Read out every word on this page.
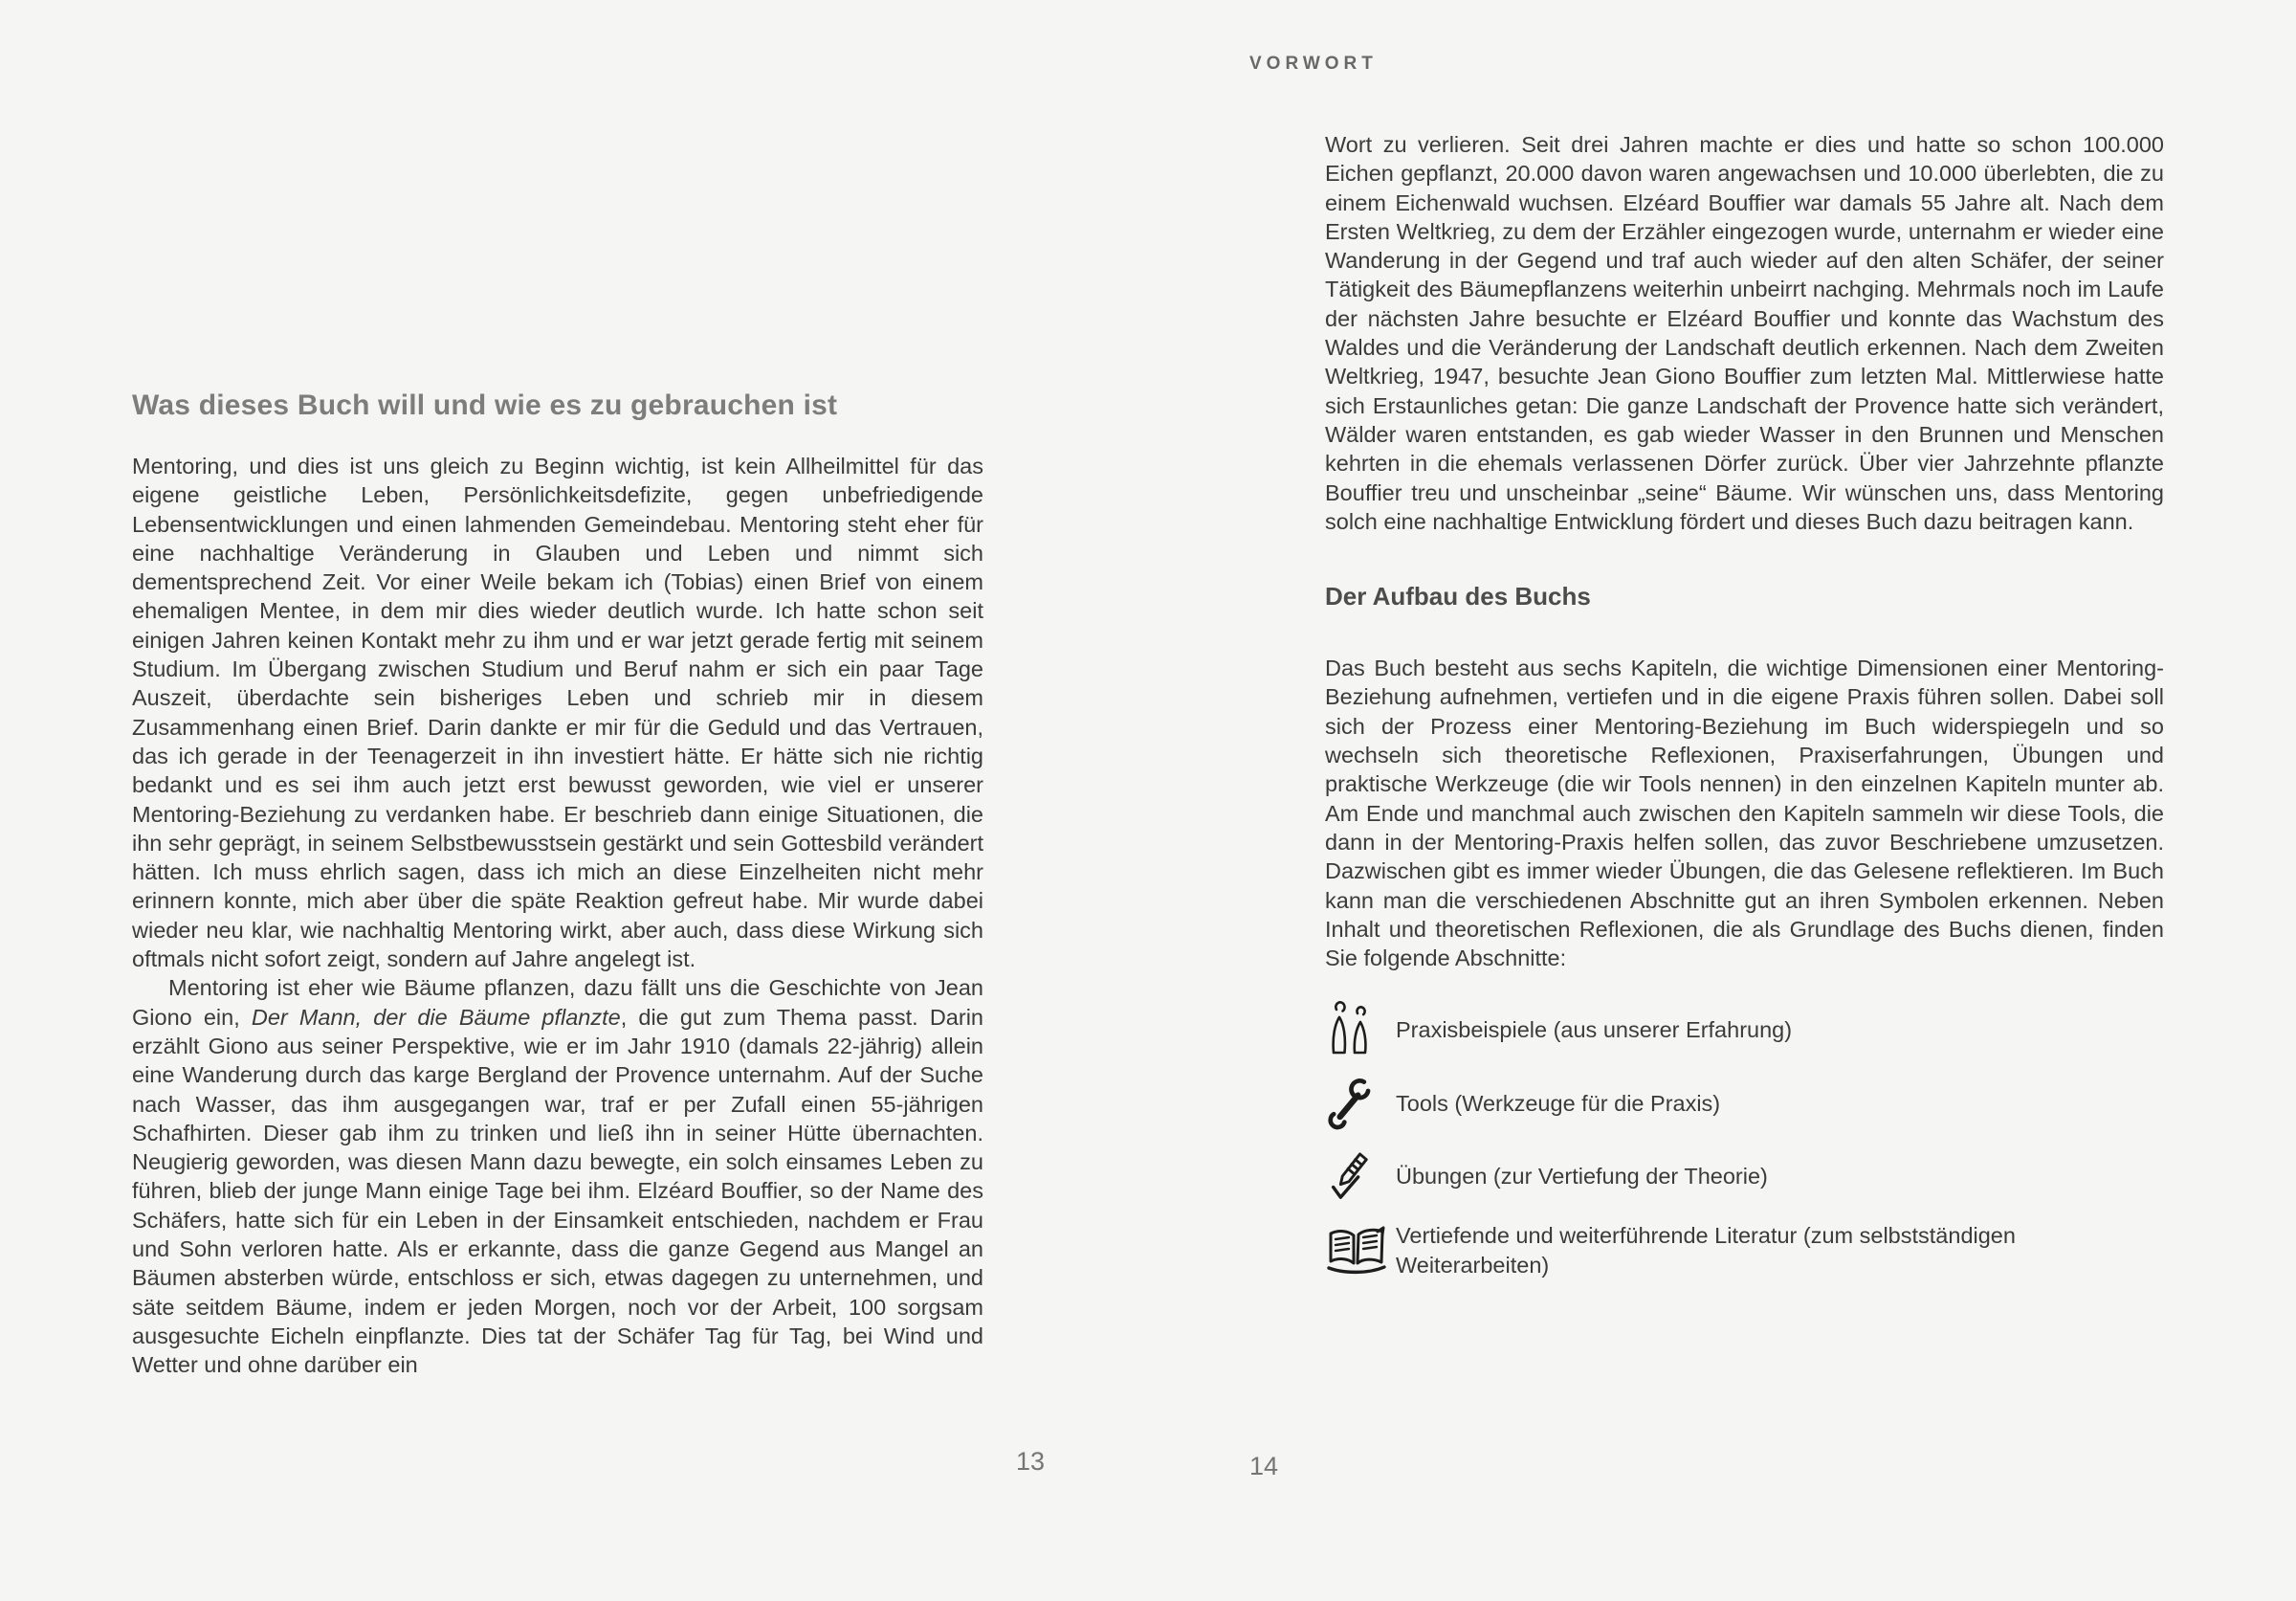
Was dieses Buch will und wie es zu gebrauchen ist

Mentoring, und dies ist uns gleich zu Beginn wichtig, ist kein Allheilmittel für das eigene geistliche Leben, Persönlichkeitsdefizite, gegen unbefriedigende Lebensentwicklungen und einen lahmenden Gemeindebau. Mentoring steht eher für eine nachhaltige Veränderung in Glauben und Leben und nimmt sich dementsprechend Zeit. Vor einer Weile bekam ich (Tobias) einen Brief von einem ehemaligen Mentee, in dem mir dies wieder deutlich wurde. Ich hatte schon seit einigen Jahren keinen Kontakt mehr zu ihm und er war jetzt gerade fertig mit seinem Studium. Im Übergang zwischen Studium und Beruf nahm er sich ein paar Tage Auszeit, überdachte sein bisheriges Leben und schrieb mir in diesem Zusammenhang einen Brief. Darin dankte er mir für die Geduld und das Vertrauen, das ich gerade in der Teenagerzeit in ihn investiert hätte. Er hätte sich nie richtig bedankt und es sei ihm auch jetzt erst bewusst geworden, wie viel er unserer Mentoring-Beziehung zu verdanken habe. Er beschrieb dann einige Situationen, die ihn sehr geprägt, in seinem Selbstbewusstsein gestärkt und sein Gottesbild verändert hätten. Ich muss ehrlich sagen, dass ich mich an diese Einzelheiten nicht mehr erinnern konnte, mich aber über die späte Reaktion gefreut habe. Mir wurde dabei wieder neu klar, wie nachhaltig Mentoring wirkt, aber auch, dass diese Wirkung sich oftmals nicht sofort zeigt, sondern auf Jahre angelegt ist.

Mentoring ist eher wie Bäume pflanzen, dazu fällt uns die Geschichte von Jean Giono ein, Der Mann, der die Bäume pflanzte, die gut zum Thema passt. Darin erzählt Giono aus seiner Perspektive, wie er im Jahr 1910 (damals 22-jährig) allein eine Wanderung durch das karge Bergland der Provence unternahm. Auf der Suche nach Wasser, das ihm ausgegangen war, traf er per Zufall einen 55-jährigen Schafhirten. Dieser gab ihm zu trinken und ließ ihn in seiner Hütte übernachten. Neugierig geworden, was diesen Mann dazu bewegte, ein solch einsames Leben zu führen, blieb der junge Mann einige Tage bei ihm. Elzéard Bouffier, so der Name des Schäfers, hatte sich für ein Leben in der Einsamkeit entschieden, nachdem er Frau und Sohn verloren hatte. Als er erkannte, dass die ganze Gegend aus Mangel an Bäumen absterben würde, entschloss er sich, etwas dagegen zu unternehmen, und säte seitdem Bäume, indem er jeden Morgen, noch vor der Arbeit, 100 sorgsam ausgesuchte Eicheln einpflanzte. Dies tat der Schäfer Tag für Tag, bei Wind und Wetter und ohne darüber ein

13
VORWORT

Wort zu verlieren. Seit drei Jahren machte er dies und hatte so schon 100.000 Eichen gepflanzt, 20.000 davon waren angewachsen und 10.000 überlebten, die zu einem Eichenwald wuchsen. Elzéard Bouffier war damals 55 Jahre alt. Nach dem Ersten Weltkrieg, zu dem der Erzähler eingezogen wurde, unternahm er wieder eine Wanderung in der Gegend und traf auch wieder auf den alten Schäfer, der seiner Tätigkeit des Bäumepflanzens weiterhin unbeirrt nachging. Mehrmals noch im Laufe der nächsten Jahre besuchte er Elzéard Bouffier und konnte das Wachstum des Waldes und die Veränderung der Landschaft deutlich erkennen. Nach dem Zweiten Weltkrieg, 1947, besuchte Jean Giono Bouffier zum letzten Mal. Mittlerwiese hatte sich Erstaunliches getan: Die ganze Landschaft der Provence hatte sich verändert, Wälder waren entstanden, es gab wieder Wasser in den Brunnen und Menschen kehrten in die ehemals verlassenen Dörfer zurück. Über vier Jahrzehnte pflanzte Bouffier treu und unscheinbar „seine“ Bäume. Wir wünschen uns, dass Mentoring solch eine nachhaltige Entwicklung fördert und dieses Buch dazu beitragen kann.

Der Aufbau des Buchs

Das Buch besteht aus sechs Kapiteln, die wichtige Dimensionen einer Mentoring-Beziehung aufnehmen, vertiefen und in die eigene Praxis führen sollen. Dabei soll sich der Prozess einer Mentoring-Beziehung im Buch widerspiegeln und so wechseln sich theoretische Reflexionen, Praxiserfahrungen, Übungen und praktische Werkzeuge (die wir Tools nennen) in den einzelnen Kapiteln munter ab. Am Ende und manchmal auch zwischen den Kapiteln sammeln wir diese Tools, die dann in der Mentoring-Praxis helfen sollen, das zuvor Beschriebene umzusetzen. Dazwischen gibt es immer wieder Übungen, die das Gelesene reflektieren. Im Buch kann man die verschiedenen Abschnitte gut an ihren Symbolen erkennen. Neben Inhalt und theoretischen Reflexionen, die als Grundlage des Buchs dienen, finden Sie folgende Abschnitte:

Praxisbeispiele (aus unserer Erfahrung)
Tools (Werkzeuge für die Praxis)
Übungen (zur Vertiefung der Theorie)
Vertiefende und weiterführende Literatur (zum selbstständigen Weiterarbeiten)
14
